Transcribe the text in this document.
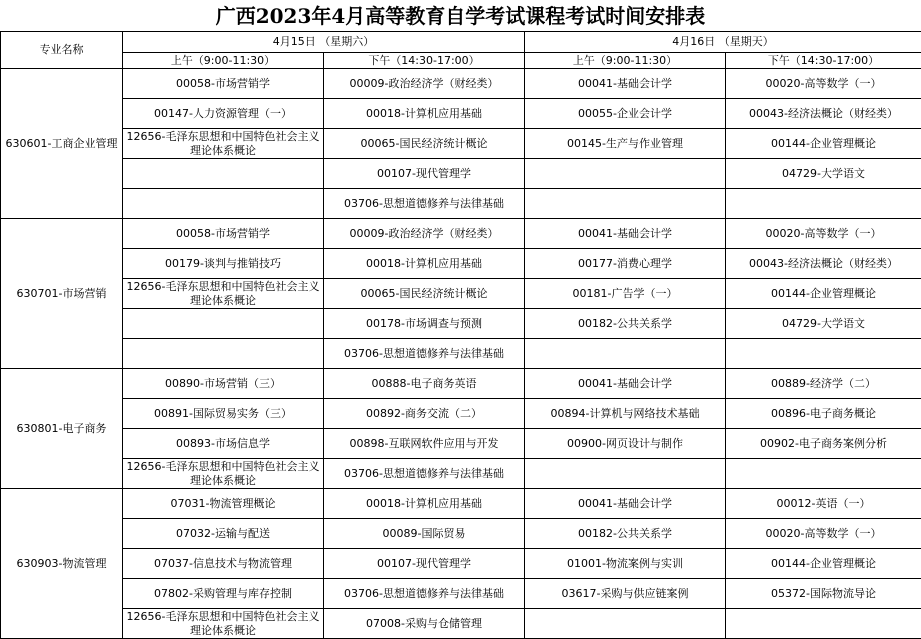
广西2023年4月高等教育自学考试课程考试时间安排表
专业名称	4月15日 （星期六）		4月16日 （星期天）	
	上午（9:00-11:30）	下午（14:30-17:00）	上午（9:00-11:30）	下午（14:30-17:00）
630601-工商企业管理	00058-市场营销学	00009-政治经济学（财经类）	00041-基础会计学	00020-高等数学（一）

	00147-人力资源管理（一）	00018-计算机应用基础	00055-企业会计学	00043-经济法概论（财经类）

	12656-毛泽东思想和中国特色社会主义理论体系概论	00065-国民经济统计概论	00145-生产与作业管理	00144-企业管理概论

		00107-现代管理学		04729-大学语文

		03706-思想道德修养与法律基础		

630701-市场营销	00058-市场营销学	00009-政治经济学（财经类）	00041-基础会计学	00020-高等数学（一）

	00179-谈判与推销技巧	00018-计算机应用基础	00177-消费心理学	00043-经济法概论（财经类）

	12656-毛泽东思想和中国特色社会主义理论体系概论	00065-国民经济统计概论	00181-广告学（一）	00144-企业管理概论

		00178-市场调查与预测	00182-公共关系学	04729-大学语文

		03706-思想道德修养与法律基础		

630801-电子商务	00890-市场营销（三）	00888-电子商务英语	00041-基础会计学	00889-经济学（二）

	00891-国际贸易实务（三）	00892-商务交流（二）	00894-计算机与网络技术基础	00896-电子商务概论

	00893-市场信息学	00898-互联网软件应用与开发	00900-网页设计与制作	00902-电子商务案例分析

	12656-毛泽东思想和中国特色社会主义理论体系概论	03706-思想道德修养与法律基础		

630903-物流管理	07031-物流管理概论	00018-计算机应用基础	00041-基础会计学	00012-英语（一）

	07032-运输与配送	00089-国际贸易	00182-公共关系学	00020-高等数学（一）

	07037-信息技术与物流管理	00107-现代管理学	01001-物流案例与实训	00144-企业管理概论

	07802-采购管理与库存控制	03706-思想道德修养与法律基础	03617-采购与供应链案例	05372-国际物流导论

	12656-毛泽东思想和中国特色社会主义理论体系概论	07008-采购与仓储管理		
